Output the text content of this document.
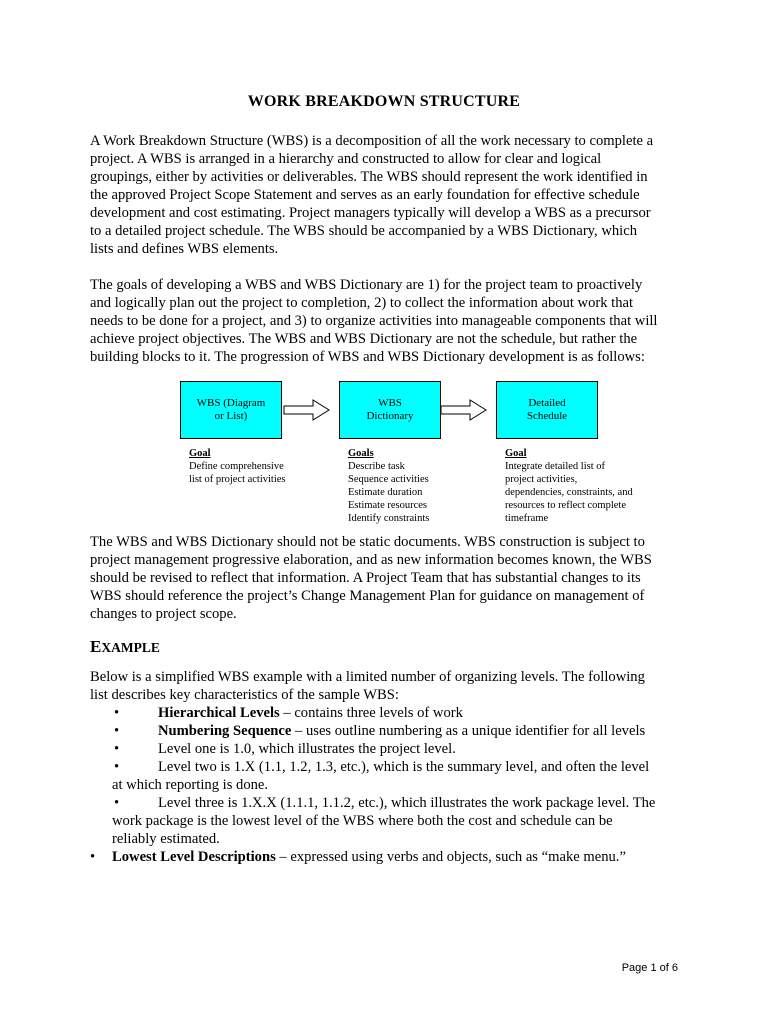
WORK BREAKDOWN STRUCTURE
A Work Breakdown Structure (WBS) is a decomposition of all the work necessary to complete a
project. A WBS is arranged in a hierarchy and constructed to allow for clear and logical
groupings, either by activities or deliverables. The WBS should represent the work identified in
the approved Project Scope Statement and serves as an early foundation for effective schedule
development and cost estimating. Project managers typically will develop a WBS as a precursor
to a detailed project schedule. The WBS should be accompanied by a WBS Dictionary, which
lists and defines WBS elements.
The goals of developing a WBS and WBS Dictionary are 1) for the project team to proactively
and logically plan out the project to completion, 2) to collect the information about work that
needs to be done for a project, and 3) to organize activities into manageable components that will
achieve project objectives. The WBS and WBS Dictionary are not the schedule, but rather the
building blocks to it. The progression of WBS and WBS Dictionary development is as follows:
WBS (Diagram
or List)
WBS
Dictionary
Detailed
Schedule
Goal
Define comprehensive
list of project activities
Goals
Describe task
Sequence activities
Estimate duration
Estimate resources
Identify constraints
Goal
Integrate detailed list of
project activities,
dependencies, constraints, and
resources to reflect complete
timeframe
The WBS and WBS Dictionary should not be static documents. WBS construction is subject to
project management progressive elaboration, and as new information becomes known, the WBS
should be revised to reflect that information. A Project Team that has substantial changes to its
WBS should reference the project’s Change Management Plan for guidance on management of
changes to project scope.
EXAMPLE
Below is a simplified WBS example with a limited number of organizing levels. The following
list describes key characteristics of the sample WBS:
•	Hierarchical Levels – contains three levels of work
•	Numbering Sequence – uses outline numbering as a unique identifier for all levels
•	Level one is 1.0, which illustrates the project level.
•	Level two is 1.X (1.1, 1.2, 1.3, etc.), which is the summary level, and often the level
at which reporting is done.
•	Level three is 1.X.X (1.1.1, 1.1.2, etc.), which illustrates the work package level. The
work package is the lowest level of the WBS where both the cost and schedule can be
reliably estimated.
• Lowest Level Descriptions – expressed using verbs and objects, such as “make menu.”
Page 1 of 6
